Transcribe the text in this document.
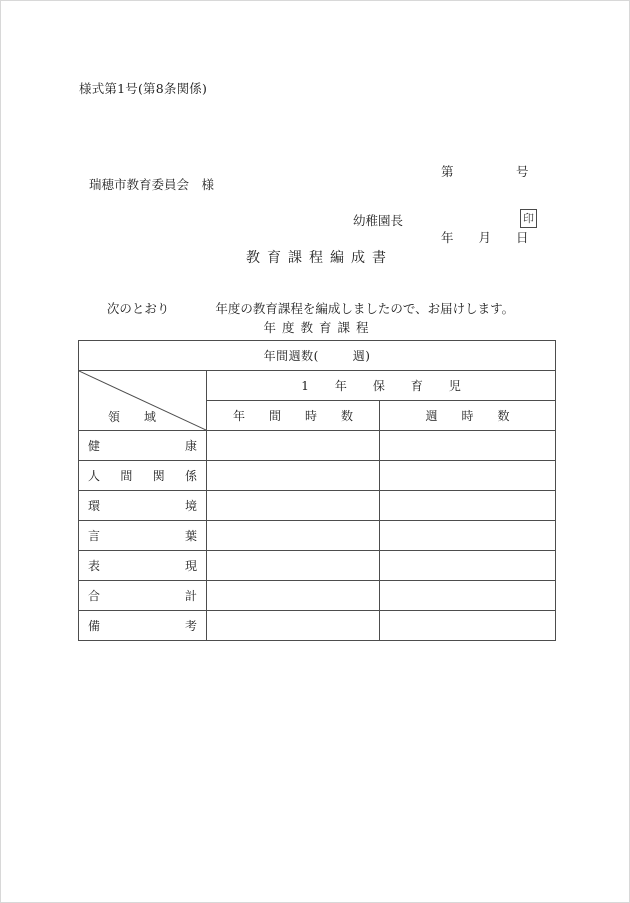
様式第1号(第8条関係)

第　　　　　号

年　　月　　日

瑞穂市教育委員会　様
幼稚園長	印
教育課程編成書

次のとおり	年度の教育課程を編成しましたので、お届けします。

年度教育課程
年間週数( 週)		

領　域	1　年　保　育　児	
	年　間　時　数	週　時　数
健康		
人間関係		
環境		
言葉		
表現		
合計		
備考		
